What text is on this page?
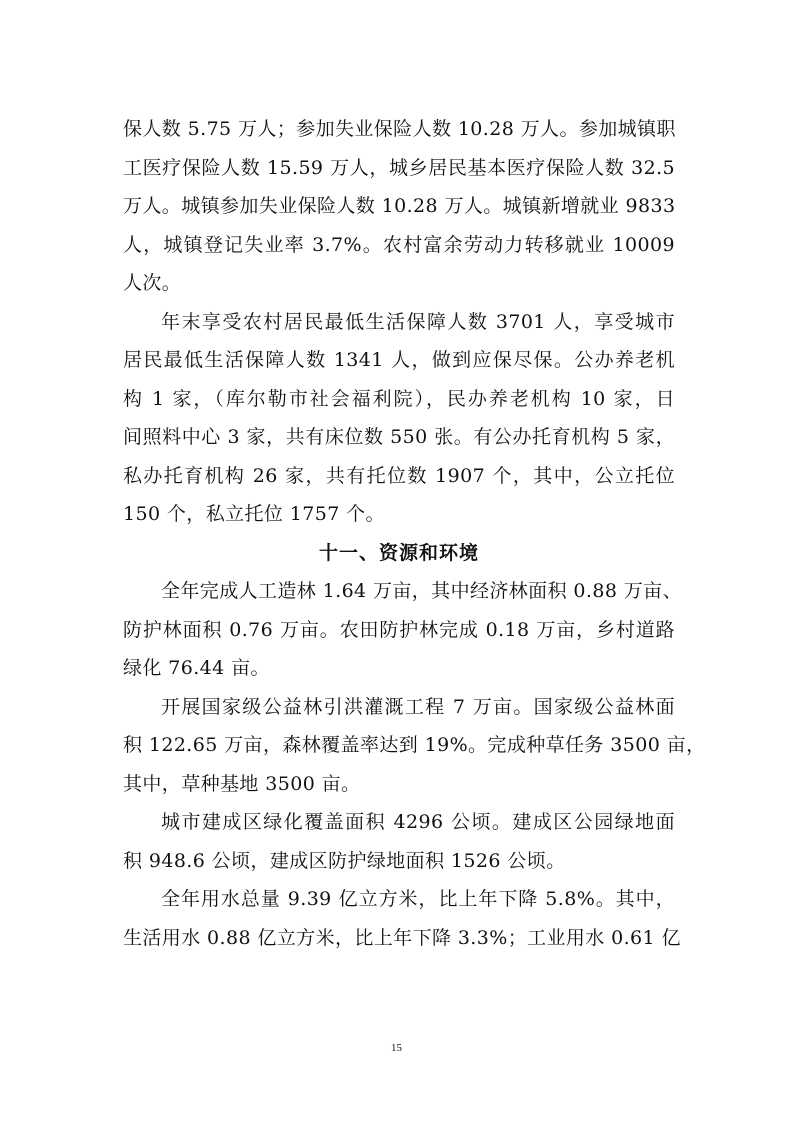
保人数 5.75 万人；参加失业保险人数 10.28 万人。参加城镇职
工医疗保险人数 15.59 万人，城乡居民基本医疗保险人数 32.5
万人。城镇参加失业保险人数 10.28 万人。城镇新增就业 9833
人，城镇登记失业率 3.7%。农村富余劳动力转移就业 10009
人次。
年末享受农村居民最低生活保障人数 3701 人，享受城市
居民最低生活保障人数 1341 人，做到应保尽保。公办养老机
构 1 家，（库尔勒市社会福利院），民办养老机构 10 家，日
间照料中心 3 家，共有床位数 550 张。有公办托育机构 5 家，
私办托育机构 26 家，共有托位数 1907 个，其中，公立托位
150 个，私立托位 1757 个。
十一、资源和环境
全年完成人工造林 1.64 万亩，其中经济林面积 0.88 万亩、
防护林面积 0.76 万亩。农田防护林完成 0.18 万亩，乡村道路
绿化 76.44 亩。
开展国家级公益林引洪灌溉工程 7 万亩。国家级公益林面
积 122.65 万亩，森林覆盖率达到 19%。完成种草任务 3500 亩，
其中，草种基地 3500 亩。
城市建成区绿化覆盖面积 4296 公顷。建成区公园绿地面
积 948.6 公顷，建成区防护绿地面积 1526 公顷。
全年用水总量 9.39 亿立方米，比上年下降 5.8%。其中，
生活用水 0.88 亿立方米，比上年下降 3.3%；工业用水 0.61 亿
15
